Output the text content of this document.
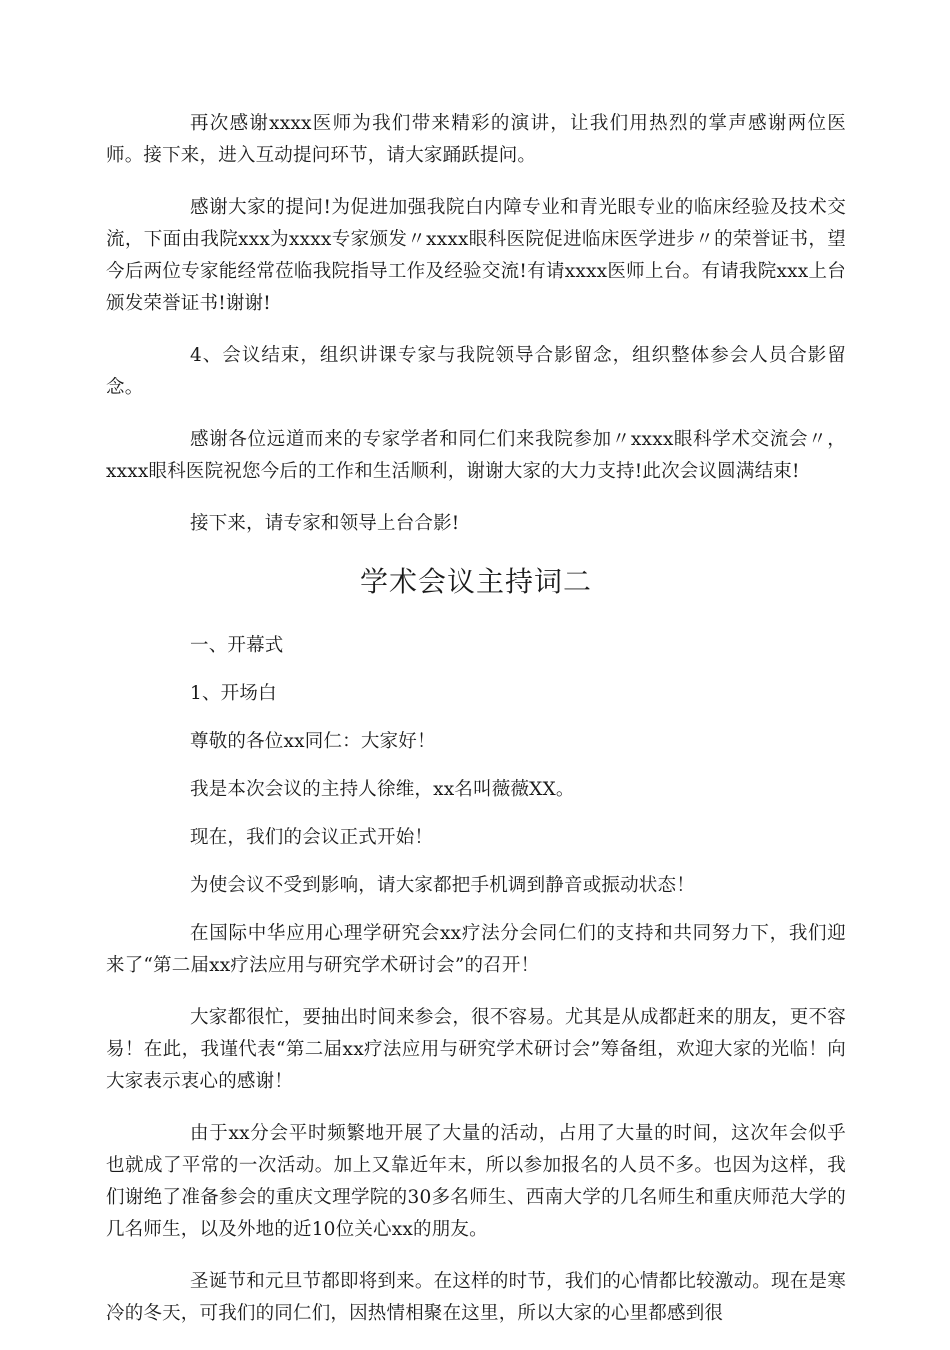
再次感谢xxxx医师为我们带来精彩的演讲，让我们用热烈的掌声感谢两位医师。接下来，进入互动提问环节，请大家踊跃提问。

感谢大家的提问!为促进加强我院白内障专业和青光眼专业的临床经验及技术交流，下面由我院xxx为xxxx专家颁发〃xxxx眼科医院促进临床医学进步〃的荣誉证书，望今后两位专家能经常莅临我院指导工作及经验交流!有请xxxx医师上台。有请我院xxx上台颁发荣誉证书!谢谢!

4、会议结束，组织讲课专家与我院领导合影留念，组织整体参会人员合影留念。

感谢各位远道而来的专家学者和同仁们来我院参加〃xxxx眼科学术交流会〃，xxxx眼科医院祝您今后的工作和生活顺利，谢谢大家的大力支持!此次会议圆满结束!

接下来，请专家和领导上台合影!

学术会议主持词二

一、开幕式

1、开场白

尊敬的各位xx同仁：大家好！

我是本次会议的主持人徐维，xx名叫薇薇XX。

现在，我们的会议正式开始！

为使会议不受到影响，请大家都把手机调到静音或振动状态！

在国际中华应用心理学研究会xx疗法分会同仁们的支持和共同努力下，我们迎来了“第二届xx疗法应用与研究学术研讨会”的召开！

大家都很忙，要抽出时间来参会，很不容易。尤其是从成都赶来的朋友，更不容易！在此，我谨代表“第二届xx疗法应用与研究学术研讨会”筹备组，欢迎大家的光临！向大家表示衷心的感谢！

由于xx分会平时频繁地开展了大量的活动，占用了大量的时间，这次年会似乎也就成了平常的一次活动。加上又靠近年末，所以参加报名的人员不多。也因为这样，我们谢绝了准备参会的重庆文理学院的30多名师生、西南大学的几名师生和重庆师范大学的几名师生，以及外地的近10位关心xx的朋友。

圣诞节和元旦节都即将到来。在这样的时节，我们的心情都比较激动。现在是寒冷的冬天，可我们的同仁们，因热情相聚在这里，所以大家的心里都感到很
